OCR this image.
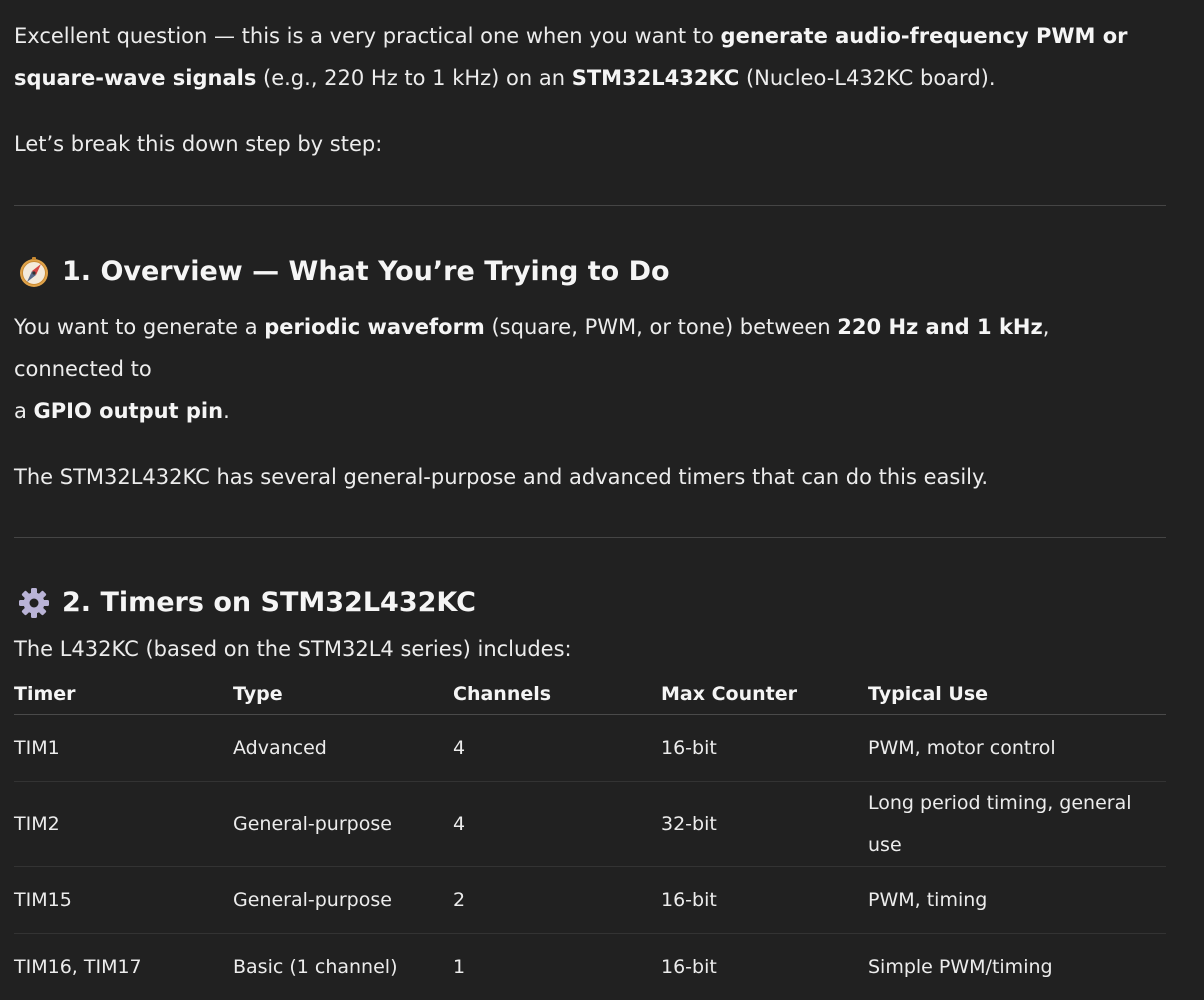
Excellent question — this is a very practical one when you want to generate audio-frequency PWM or
square-wave signals (e.g., 220 Hz to 1 kHz) on an STM32L432KC (Nucleo-L432KC board).

Let’s break this down step by step:

1. Overview — What You’re Trying to Do

You want to generate a periodic waveform (square, PWM, or tone) between 220 Hz and 1 kHz, connected to
a GPIO output pin.

The STM32L432KC has several general-purpose and advanced timers that can do this easily.

2. Timers on STM32L432KC

The L432KC (based on the STM32L4 series) includes:

Timer	Type	Channels	Max Counter	Typical Use
TIM1	Advanced	4	16-bit	PWM, motor control
TIM2	General-purpose	4	32-bit	Long period timing, general use
TIM15	General-purpose	2	16-bit	PWM, timing
TIM16, TIM17	Basic (1 channel)	1	16-bit	Simple PWM/timing
